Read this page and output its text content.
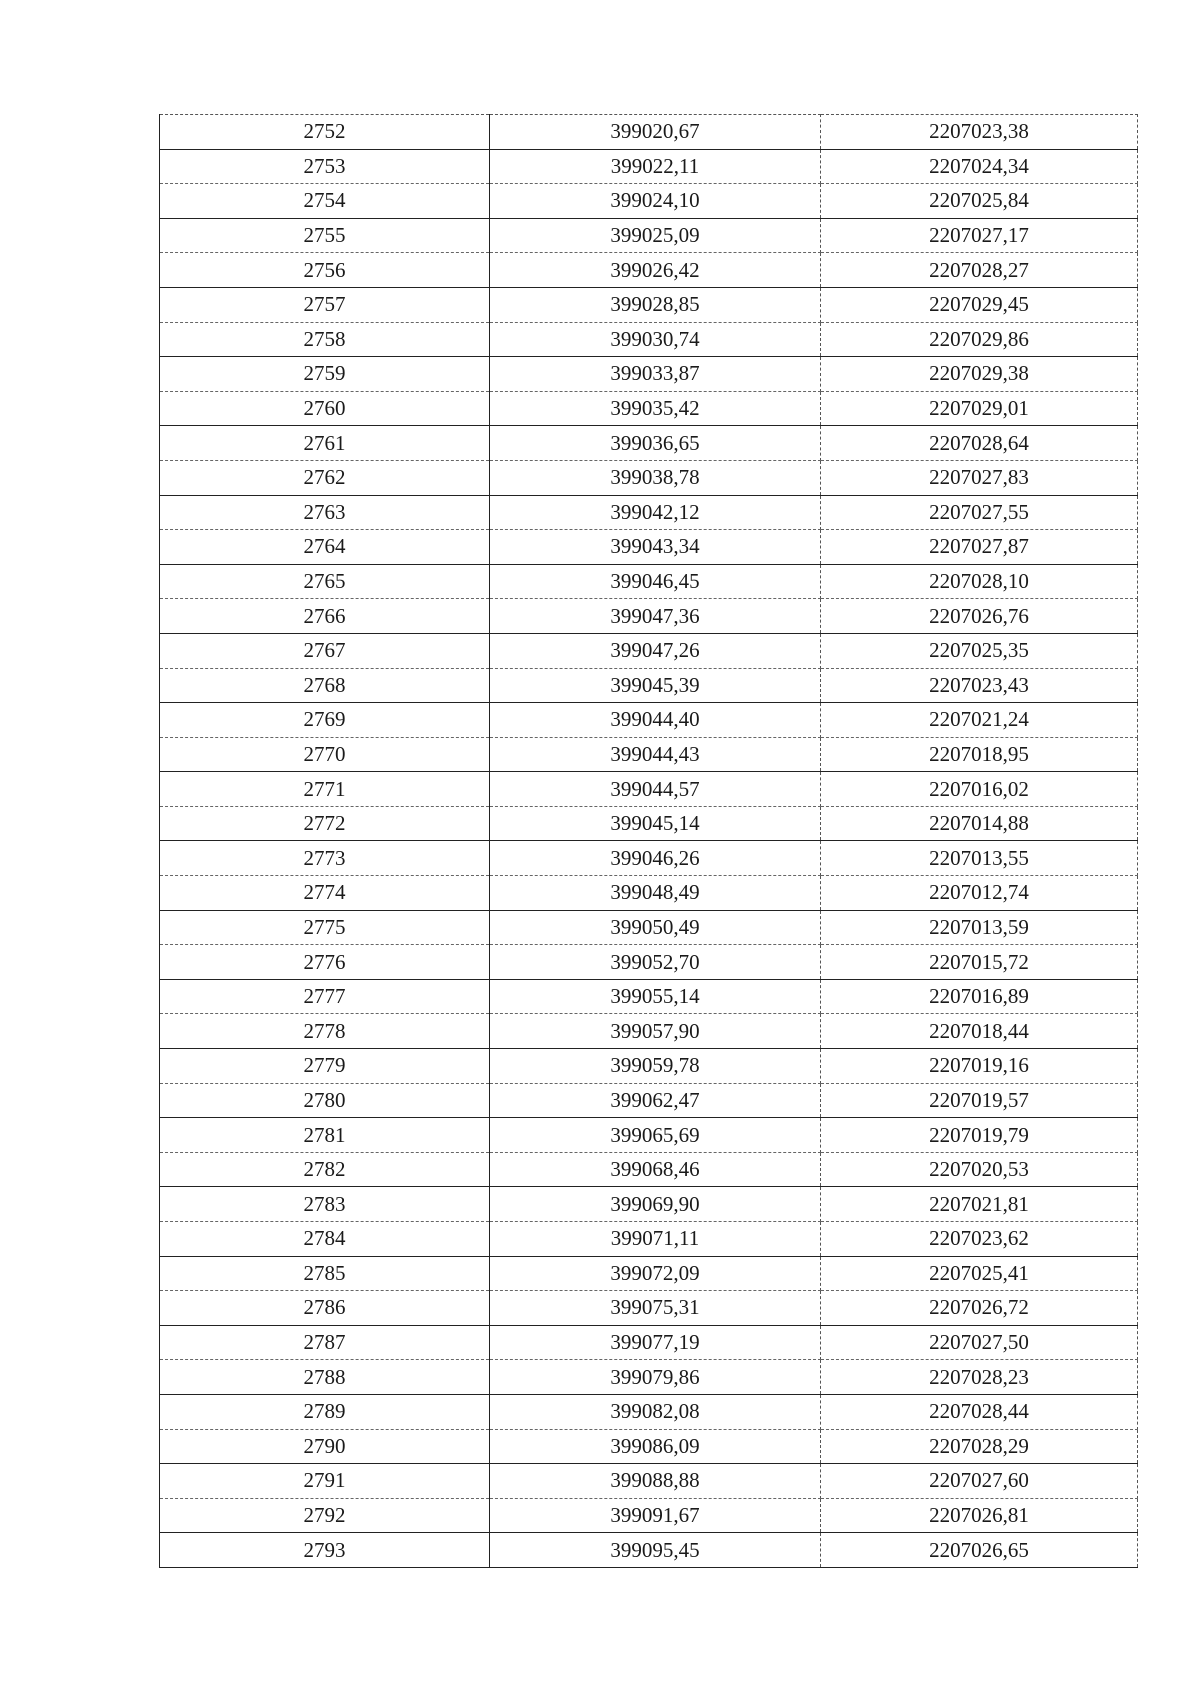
2752	399020,67	2207023,38
2753	399022,11	2207024,34
2754	399024,10	2207025,84
2755	399025,09	2207027,17
2756	399026,42	2207028,27
2757	399028,85	2207029,45
2758	399030,74	2207029,86
2759	399033,87	2207029,38
2760	399035,42	2207029,01
2761	399036,65	2207028,64
2762	399038,78	2207027,83
2763	399042,12	2207027,55
2764	399043,34	2207027,87
2765	399046,45	2207028,10
2766	399047,36	2207026,76
2767	399047,26	2207025,35
2768	399045,39	2207023,43
2769	399044,40	2207021,24
2770	399044,43	2207018,95
2771	399044,57	2207016,02
2772	399045,14	2207014,88
2773	399046,26	2207013,55
2774	399048,49	2207012,74
2775	399050,49	2207013,59
2776	399052,70	2207015,72
2777	399055,14	2207016,89
2778	399057,90	2207018,44
2779	399059,78	2207019,16
2780	399062,47	2207019,57
2781	399065,69	2207019,79
2782	399068,46	2207020,53
2783	399069,90	2207021,81
2784	399071,11	2207023,62
2785	399072,09	2207025,41
2786	399075,31	2207026,72
2787	399077,19	2207027,50
2788	399079,86	2207028,23
2789	399082,08	2207028,44
2790	399086,09	2207028,29
2791	399088,88	2207027,60
2792	399091,67	2207026,81
2793	399095,45	2207026,65
